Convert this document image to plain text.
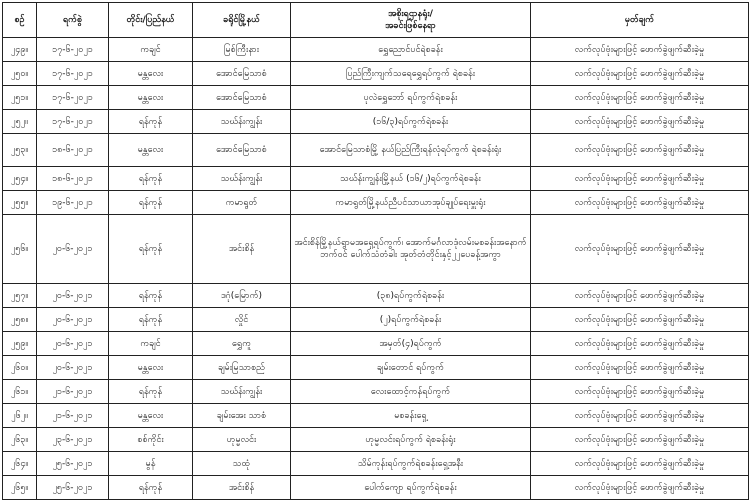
စဉ်	ရက်စွဲ	တိုင်း/ပြည်နယ်	ခရိုင်မြို့နယ်	အစိုးရဌာနရုံး/
အခင်းဖြစ်နေရာ	မှတ်ချက်
၂၄၉။	၁၇-၆-၂၀၂၁	ကချင်	မြစ်ကြီးနား	ရွှေညောင်ပင်ရဲစခန်း	လက်လုပ်ဗုံးများဖြင့် ဖောက်ခွဲဖျက်ဆီးခဲ့မှု
၂၅၀။	၁၇-၆-၂၀၂၁	မန္တလေး	အောင်မြေသာစံ	ပြည်ကြီးကျက်သရေရွှေရပ်ကွက် ရဲစခန်း	လက်လုပ်ဗုံးများဖြင့် ဖောက်ခွဲဖျက်ဆီးခဲ့မှု
၂၅၁။	၁၇-၆-၂၀၂၁	မန္တလေး	အောင်မြေသာစံ	ပုလဲရွှေဘော် ရပ်ကွက်ရဲစခန်း	လက်လုပ်ဗုံးများဖြင့် ဖောက်ခွဲဖျက်ဆီးခဲ့မှု
၂၅၂။	၁၇-၆-၂၀၂၁	ရန်ကုန်	သဃ်န်းကျွန်း	(၁၆/၃)ရပ်ကွက်ရဲစခန်း	လက်လုပ်ဗုံးများဖြင့် ဖောက်ခွဲဖျက်ဆီးခဲ့မှု
၂၅၃။	၁၈-၆-၂၀၂၁	မန္တလေး	အောင်မြေသာစံ	အောင်မြေသာစံမြို့ နယ်ပြည်ကြီးရန်လုံရပ်ကွက် ရဲစခန်းရုံး	လက်လုပ်ဗုံးများဖြင့် ဖောက်ခွဲဖျက်ဆီးခဲ့မှု
၂၅၄။	၁၈-၆-၂၀၂၁	ရန်ကုန်	သဃ်န်းကျွန်း	သဃ်န်းကျွန်းမြို့နယ် (၁၆/၂)ရပ်ကွက်ရဲစခန်း	လက်လုပ်ဗုံးများဖြင့် ဖောက်ခွဲဖျက်ဆီးခဲ့မှု
၂၅၅။	၁၉-၆-၂၀၂၁	ရန်ကုန်	ကမာရွတ်	ကမာရွတ်မြို့နယ်ညီပင်သာယာအုပ်ချုပ်ရေးမှူးရုံး	လက်လုပ်ဗုံးများဖြင့် ဖောက်ခွဲဖျက်ဆီးခဲ့မှု
၂၅၆။	၂၀-၆-၂၀၂၁	ရန်ကုန်	အင်းစိန်	အင်းစိန်မြို့နယ်ရွာမအရှေ့ရပ်ကွက်၊ အောက်မင်္ဂလာဒုံလမ်းမစခန်းအနောက်ဘက်ဝင် ပေါက်သံတံခါး အုတ်တံတိုင်းနှင့်၂၂ပေခန့်အကွာ	လက်လုပ်ဗုံးများဖြင့် ဖောက်ခွဲဖျက်ဆီးခဲ့မှု
၂၅၇။	၂၀-၆-၂၀၂၁	ရန်ကုန်	ဒဂုံ(မြောက်)	(၃၈)ရပ်ကွက်ရဲစခန်း	လက်လုပ်ဗုံးများဖြင့် ဖောက်ခွဲဖျက်ဆီးခဲ့မှု
၂၅၈။	၂၀-၆-၂၀၂၁	ရန်ကုန်	လှိုင်	(၂)ရပ်ကွက်ရဲစခန်း	လက်လုပ်ဗုံးများဖြင့် ဖောက်ခွဲဖျက်ဆီးခဲ့မှု
၂၅၉။	၂၀-၆-၂၀၂၁	ကချင်	ရွှေကူ	အမှတ်(၄)ရပ်ကွက်	လက်လုပ်ဗုံးများဖြင့် ဖောက်ခွဲဖျက်ဆီးခဲ့မှု
၂၆၀။	၂၀-၆-၂၀၂၁	မန္တလေး	ချမ်းမြသာစည်	ချမ်းတောင် ရပ်ကွက်	လက်လုပ်ဗုံးများဖြင့် ဖောက်ခွဲဖျက်ဆီးခဲ့မှု
၂၆၁။	၂၁-၆-၂၀၂၁	ရန်ကုန်	သဃ်န်းကျွန်း	လေးထောင့်ကန်ရပ်ကွက်	လက်လုပ်ဗုံးများဖြင့် ဖောက်ခွဲဖျက်ဆီးခဲ့မှု
၂၆၂။	၂၁-၆-၂၀၂၁	မန္တလေး	ချမ်းအေး သာစံ	မစခန်းရှေ့	လက်လုပ်ဗုံးများဖြင့် ဖောက်ခွဲဖျက်ဆီးခဲ့မှု
၂၆၃။	၂၃-၆-၂၀၂၁	စစ်ကိုင်း	ဟုမ္မလင်း	ဟုမ္မလင်းရပ်ကွက် ရဲစခန်းရုံး	လက်လုပ်ဗုံးများဖြင့် ဖောက်ခွဲဖျက်ဆီးခဲ့မှု
၂၆၄။	၂၅-၆-၂၀၂၁	မွန်	သထုံ	သိမ်ကုန်းရပ်ကွက်ရဲစခန်းရှေ့အနီး	လက်လုပ်ဗုံးများဖြင့် ဖောက်ခွဲဖျက်ဆီးခဲ့မှု
၂၆၅။	၂၅-၆-၂၀၂၁	ရန်ကုန်	အင်းစိန်	ပေါက်ကျော ရပ်ကွက်ရဲစခန်း	လက်လုပ်ဗုံးများဖြင့် ဖောက်ခွဲဖျက်ဆီးခဲ့မှု
